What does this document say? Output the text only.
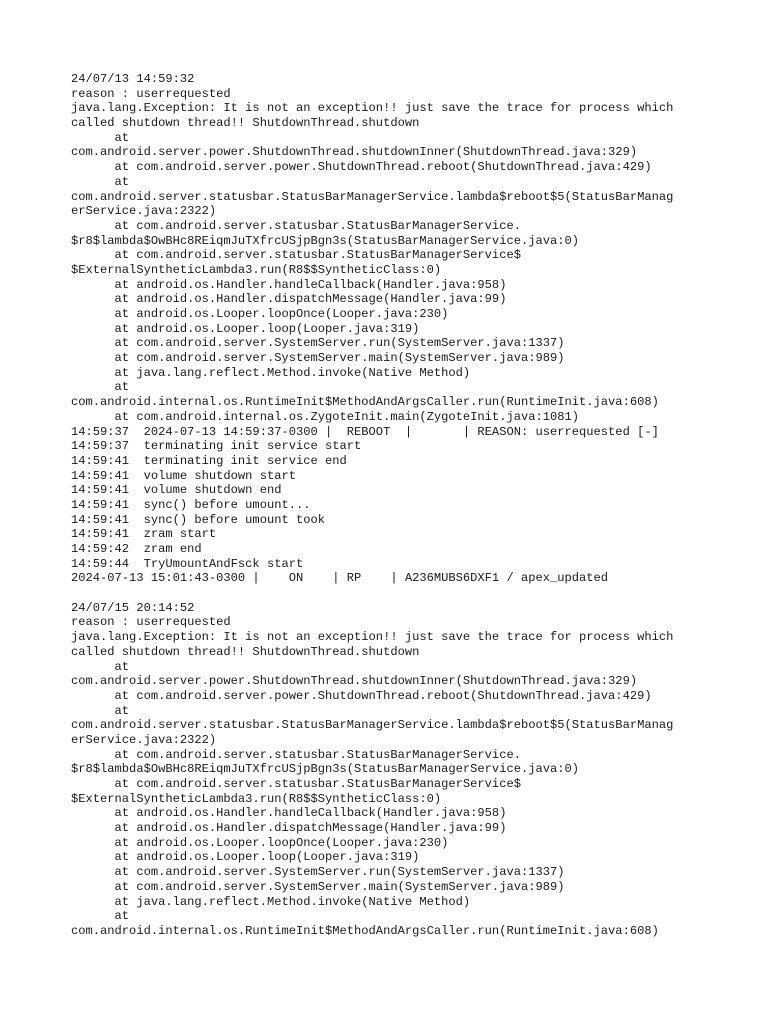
24/07/13 14:59:32
reason : userrequested
java.lang.Exception: It is not an exception!! just save the trace for process which
called shutdown thread!! ShutdownThread.shutdown
at
com.android.server.power.ShutdownThread.shutdownInner(ShutdownThread.java:329)
at com.android.server.power.ShutdownThread.reboot(ShutdownThread.java:429)
at
com.android.server.statusbar.StatusBarManagerService.lambda$reboot$5(StatusBarManag
erService.java:2322)
at com.android.server.statusbar.StatusBarManagerService.
$r8$lambda$OwBHc8REiqmJuTXfrcUSjpBgn3s(StatusBarManagerService.java:0)
at com.android.server.statusbar.StatusBarManagerService$
$ExternalSyntheticLambda3.run(R8$$SyntheticClass:0)
at android.os.Handler.handleCallback(Handler.java:958)
at android.os.Handler.dispatchMessage(Handler.java:99)
at android.os.Looper.loopOnce(Looper.java:230)
at android.os.Looper.loop(Looper.java:319)
at com.android.server.SystemServer.run(SystemServer.java:1337)
at com.android.server.SystemServer.main(SystemServer.java:989)
at java.lang.reflect.Method.invoke(Native Method)
at
com.android.internal.os.RuntimeInit$MethodAndArgsCaller.run(RuntimeInit.java:608)
at com.android.internal.os.ZygoteInit.main(ZygoteInit.java:1081)
14:59:37  2024-07-13 14:59:37-0300 |  REBOOT  |       | REASON: userrequested [-]
14:59:37  terminating init service start
14:59:41  terminating init service end
14:59:41  volume shutdown start
14:59:41  volume shutdown end
14:59:41  sync() before umount...
14:59:41  sync() before umount took
14:59:41  zram start
14:59:42  zram end
14:59:44  TryUmountAndFsck start
2024-07-13 15:01:43-0300 |    ON    | RP    | A236MUBS6DXF1 / apex_updated
24/07/15 20:14:52
reason : userrequested
java.lang.Exception: It is not an exception!! just save the trace for process which
called shutdown thread!! ShutdownThread.shutdown
at
com.android.server.power.ShutdownThread.shutdownInner(ShutdownThread.java:329)
at com.android.server.power.ShutdownThread.reboot(ShutdownThread.java:429)
at
com.android.server.statusbar.StatusBarManagerService.lambda$reboot$5(StatusBarManag
erService.java:2322)
at com.android.server.statusbar.StatusBarManagerService.
$r8$lambda$OwBHc8REiqmJuTXfrcUSjpBgn3s(StatusBarManagerService.java:0)
at com.android.server.statusbar.StatusBarManagerService$
$ExternalSyntheticLambda3.run(R8$$SyntheticClass:0)
at android.os.Handler.handleCallback(Handler.java:958)
at android.os.Handler.dispatchMessage(Handler.java:99)
at android.os.Looper.loopOnce(Looper.java:230)
at android.os.Looper.loop(Looper.java:319)
at com.android.server.SystemServer.run(SystemServer.java:1337)
at com.android.server.SystemServer.main(SystemServer.java:989)
at java.lang.reflect.Method.invoke(Native Method)
at
com.android.internal.os.RuntimeInit$MethodAndArgsCaller.run(RuntimeInit.java:608)
